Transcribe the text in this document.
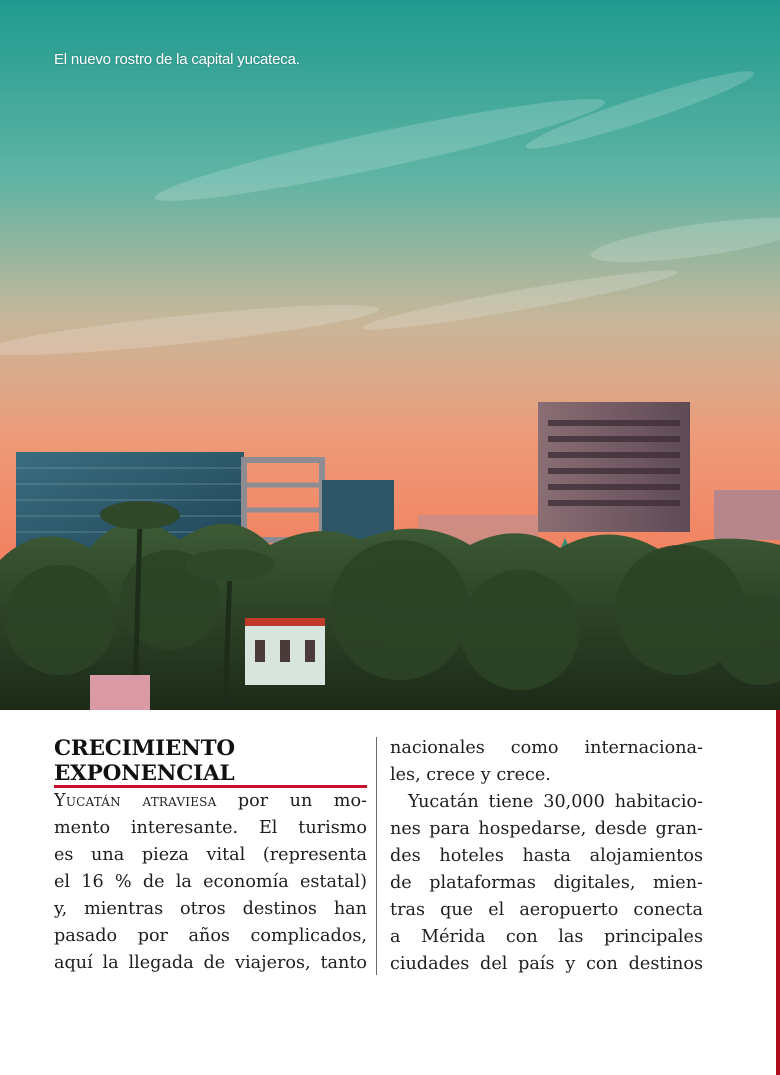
El nuevo rostro de la capital yucateca.
CRECIMIENTO
EXPONENCIAL

Yucatán atraviesa por un mo-
mento interesante. El turismo
es una pieza vital (representa
el 16 % de la economía estatal)
y, mientras otros destinos han
pasado por años complicados,
aquí la llegada de viajeros, tanto

nacionales como internaciona-
les, crece y crece.

Yucatán tiene 30,000 habitacio-
nes para hospedarse, desde gran-
des hoteles hasta alojamientos
de plataformas digitales, mien-
tras que el aeropuerto conecta
a Mérida con las principales
ciudades del país y con destinos
